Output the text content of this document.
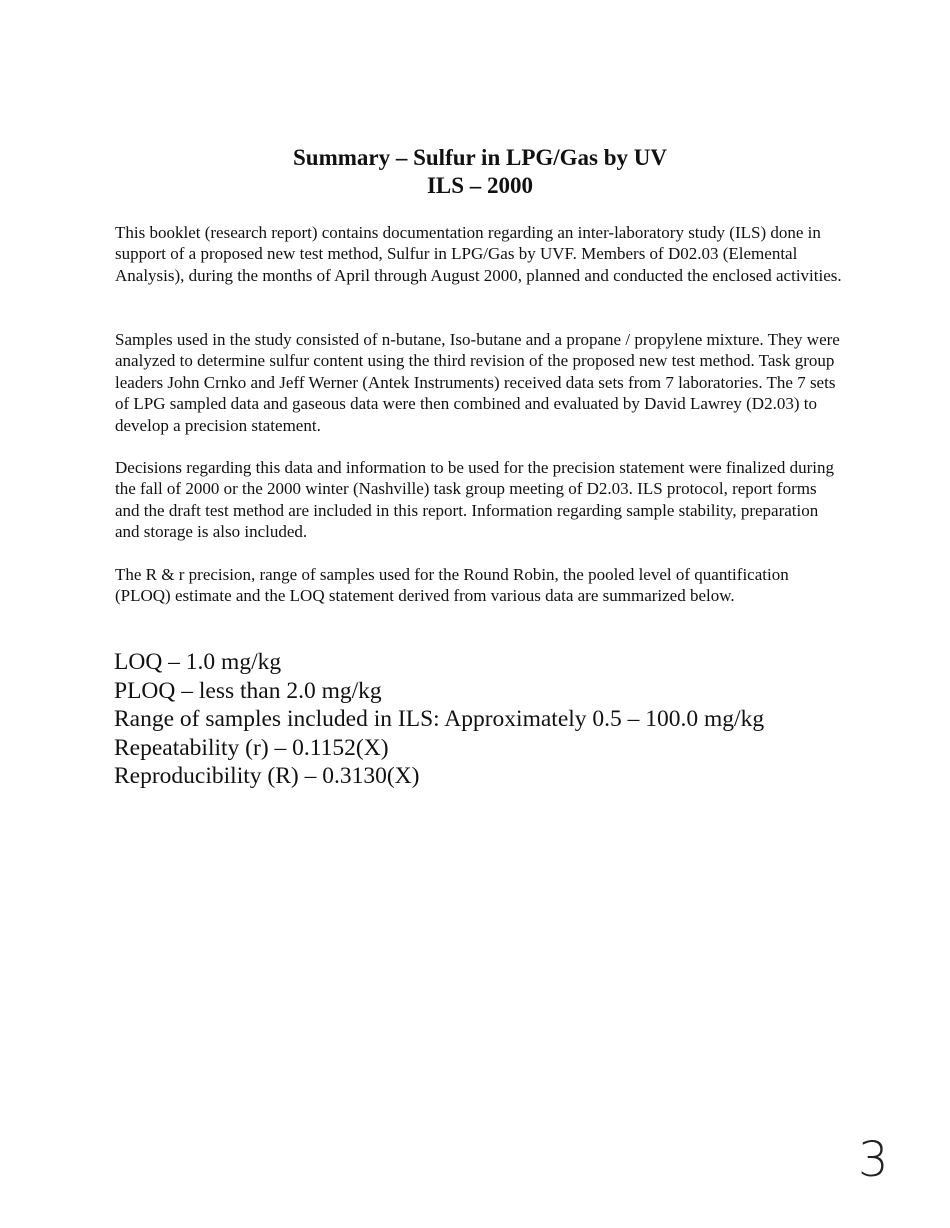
Summary – Sulfur in LPG/Gas by UV
ILS – 2000

This booklet (research report) contains documentation regarding an inter-laboratory study (ILS) done in support of a proposed new test method, Sulfur in LPG/Gas by UVF. Members of D02.03 (Elemental Analysis), during the months of April through August 2000, planned and conducted the enclosed activities.

Samples used in the study consisted of n-butane, Iso-butane and a propane / propylene mixture. They were analyzed to determine sulfur content using the third revision of the proposed new test method. Task group leaders John Crnko and Jeff Werner (Antek Instruments) received data sets from 7 laboratories. The 7 sets of LPG sampled data and gaseous data were then combined and evaluated by David Lawrey (D2.03) to develop a precision statement.

Decisions regarding this data and information to be used for the precision statement were finalized during the fall of 2000 or the 2000 winter (Nashville) task group meeting of D2.03. ILS protocol, report forms and the draft test method are included in this report. Information regarding sample stability, preparation and storage is also included.

The R & r precision, range of samples used for the Round Robin, the pooled level of quantification (PLOQ) estimate and the LOQ statement derived from various data are summarized below.

LOQ – 1.0 mg/kg
PLOQ – less than 2.0 mg/kg
Range of samples included in ILS: Approximately 0.5 – 100.0 mg/kg
Repeatability (r) – 0.1152(X)
Reproducibility (R) – 0.3130(X)
3
